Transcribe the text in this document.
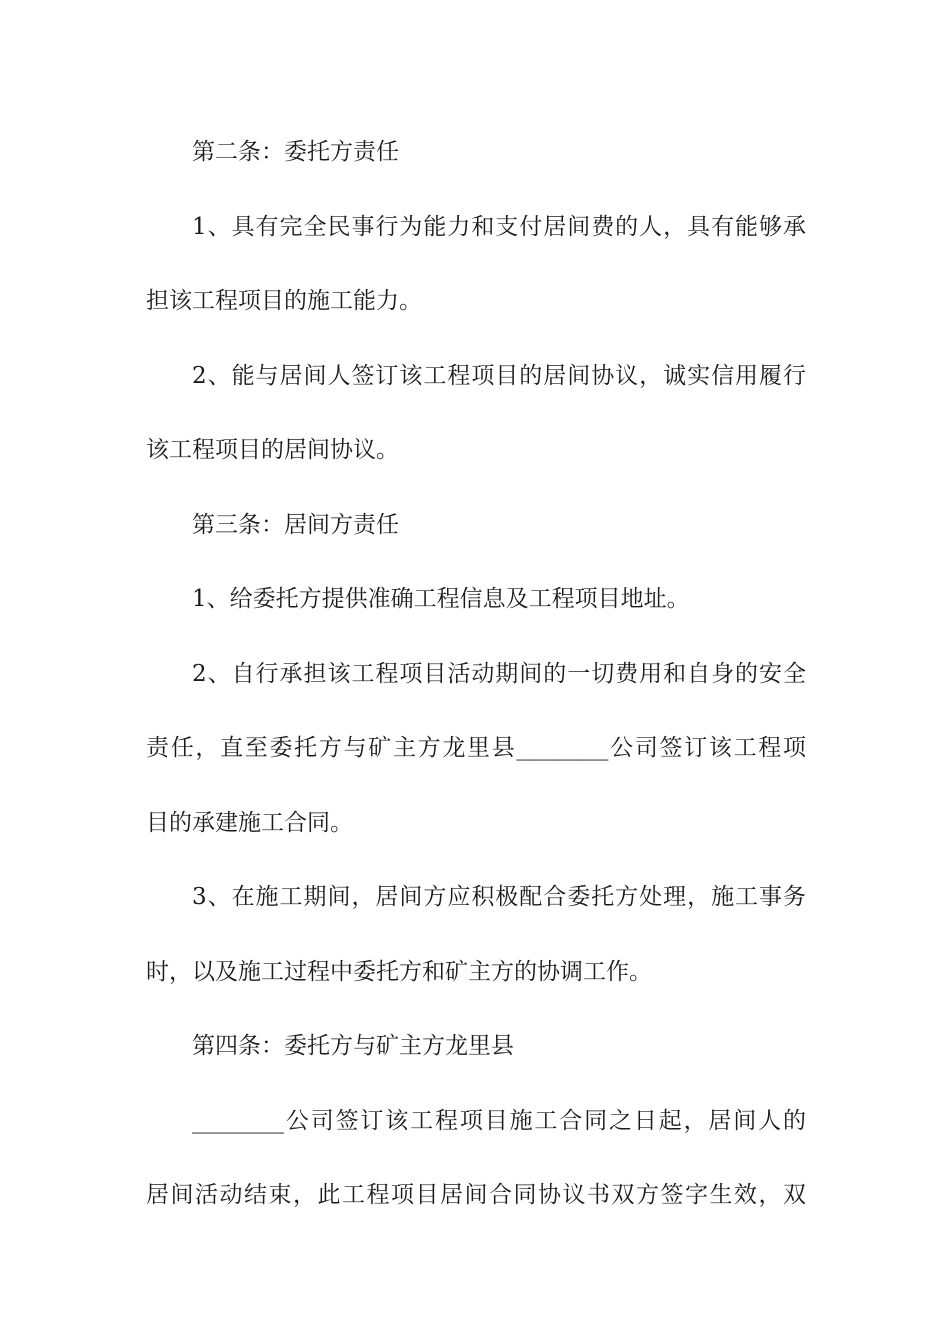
第二条：委托方责任
1、具有完全民事行为能力和支付居间费的人，具有能够承
担该工程项目的施工能力。
2、能与居间人签订该工程项目的居间协议，诚实信用履行
该工程项目的居间协议。
第三条：居间方责任
1、给委托方提供准确工程信息及工程项目地址。
2、自行承担该工程项目活动期间的一切费用和自身的安全
责任，直至委托方与矿主方龙里县________公司签订该工程项
目的承建施工合同。
3、在施工期间，居间方应积极配合委托方处理，施工事务
时，以及施工过程中委托方和矿主方的协调工作。
第四条：委托方与矿主方龙里县
________公司签订该工程项目施工合同之日起，居间人的
居间活动结束，此工程项目居间合同协议书双方签字生效，双
